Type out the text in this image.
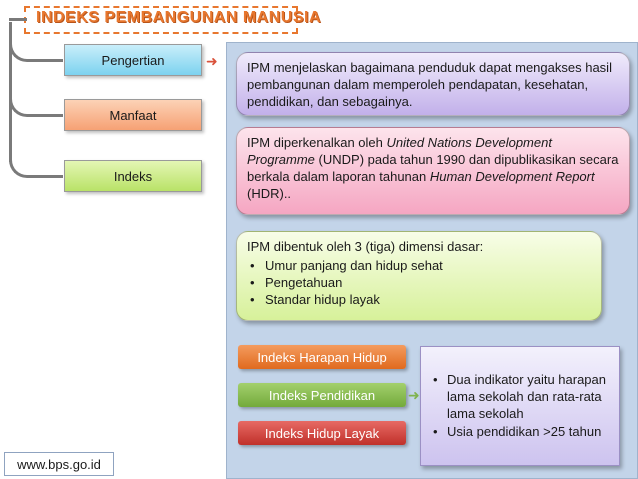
INDEKS PEMBANGUNAN MANUSIA
Pengertian
Manfaat
Indeks
➜	IPM menjelaskan bagaimana penduduk dapat mengakses hasil pembangunan dalam memperoleh pendapatan, kesehatan, pendidikan, dan sebagainya.

IPM diperkenalkan oleh United Nations Development Programme (UNDP) pada tahun 1990 dan dipublikasikan secara berkala dalam laporan tahunan Human Development Report (HDR)..

IPM dibentuk oleh 3 (tiga) dimensi dasar:

• Umur panjang dan hidup sehat
• Pengetahuan
• Standar hidup layak
Indeks Harapan Hidup
Indeks Pendidikan
Indeks Hidup Layak
➜
• Dua indikator yaitu harapan lama sekolah dan rata-rata lama sekolah
• Usia pendidikan >25 tahun
www.bps.go.id
